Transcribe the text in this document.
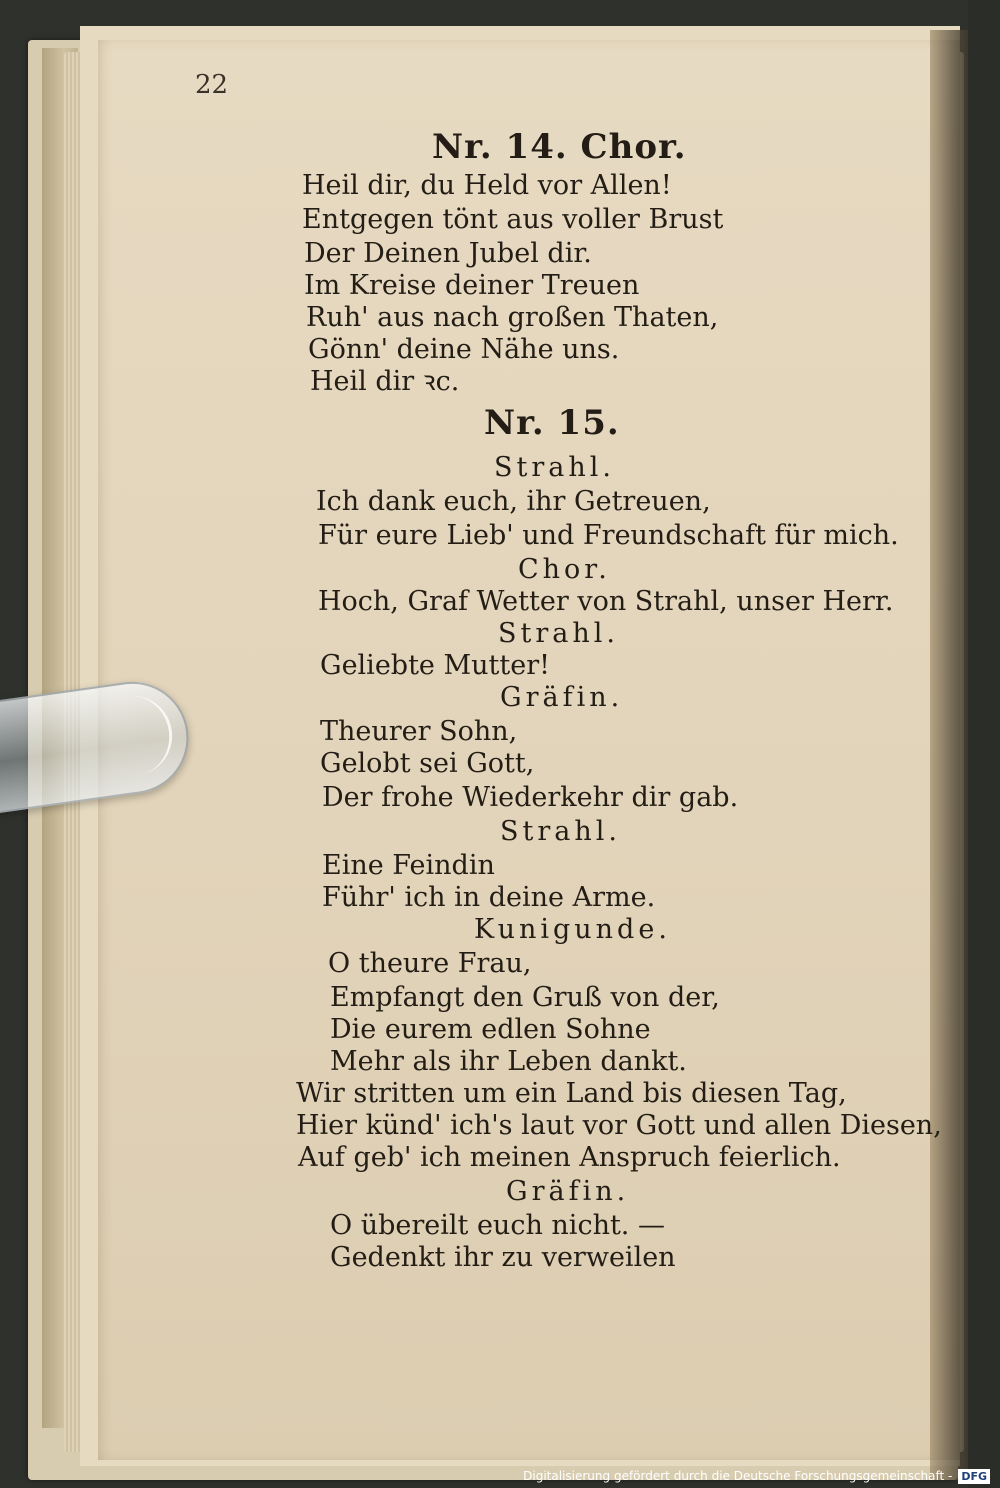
22
Nr. 14. Chor.
Heil dir, du Held vor Allen!
Entgegen tönt aus voller Brust
Der Deinen Jubel dir.
Im Kreise deiner Treuen
Ruh' aus nach großen Thaten,
Gönn' deine Nähe uns.
Heil dir ꝛc.
Nr. 15.
Strahl.
Ich dank euch, ihr Getreuen,
Für eure Lieb' und Freundschaft für mich.
Chor.
Hoch, Graf Wetter von Strahl, unser Herr.
Strahl.
Geliebte Mutter!
Gräfin.
Theurer Sohn,
Gelobt sei Gott,
Der frohe Wiederkehr dir gab.
Strahl.
Eine Feindin
Führ' ich in deine Arme.
Kunigunde.
O theure Frau,
Empfangt den Gruß von der,
Die eurem edlen Sohne
Mehr als ihr Leben dankt.
Wir stritten um ein Land bis diesen Tag,
Hier künd' ich's laut vor Gott und allen Diesen,
Auf geb' ich meinen Anspruch feierlich.
Gräfin.
O übereilt euch nicht. —
Gedenkt ihr zu verweilen
Digitalisierung gefördert durch die Deutsche Forschungsgemeinschaft - DFG
